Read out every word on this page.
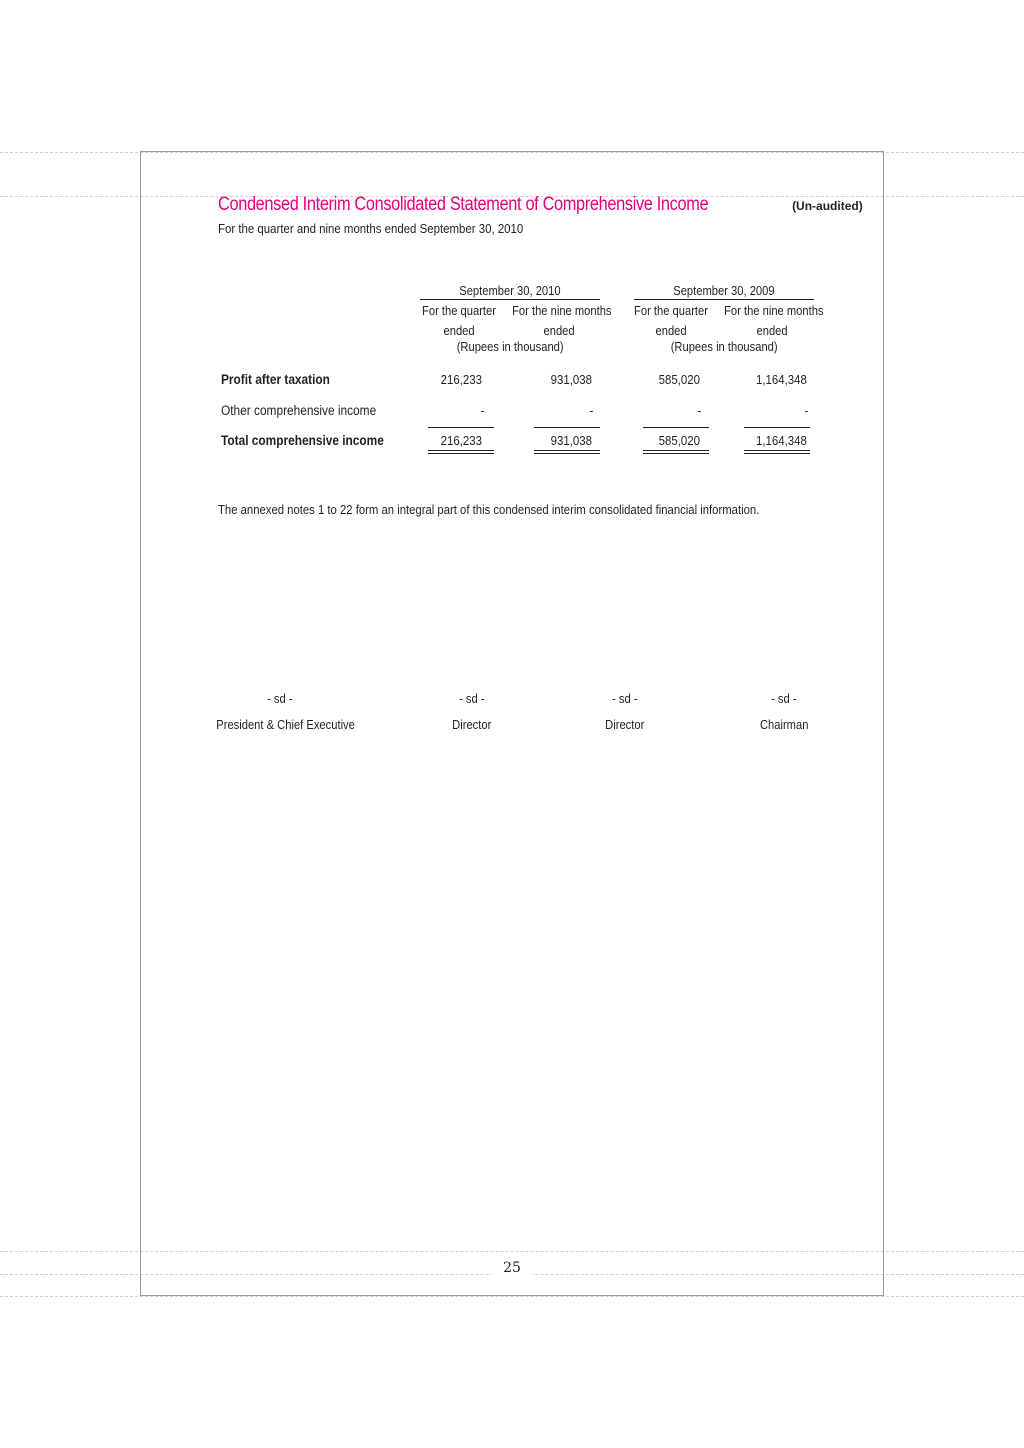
Condensed Interim Consolidated Statement of Comprehensive Income	(Un-audited)
For the quarter and nine months ended September 30, 2010
September 30, 2010
For the quarter	For the nine months
ended	ended
(Rupees in thousand)
September 30, 2009
For the quarter	For the nine months
ended	ended
(Rupees in thousand)
Profit after taxation	216,233	931,038	585,020	1,164,348
Other comprehensive income	-	-	-	-
Total comprehensive income	216,233	931,038	585,020	1,164,348
The annexed notes 1 to 22 form an integral part of this condensed interim consolidated financial information.
- sd -
President & Chief Executive
- sd -
Director
- sd -
Director
- sd -
Chairman
25
